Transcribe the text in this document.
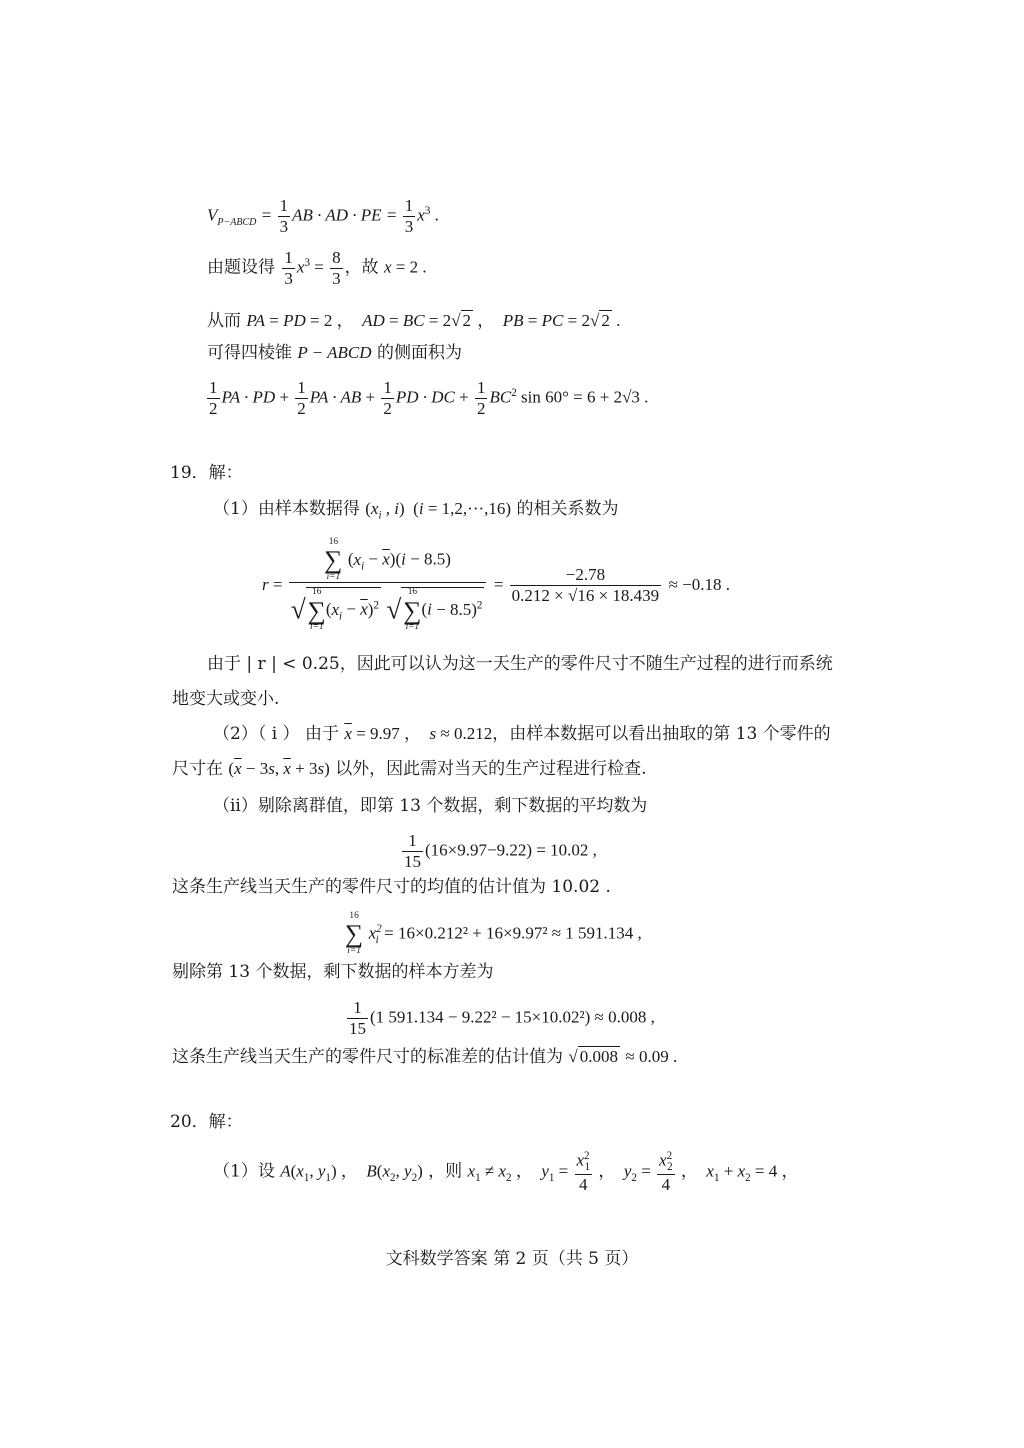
$V_{P-ABCD} = \frac{1}{3}$ AB · AD · PE = $\frac{1}{3} x^3$ .
由题设得 $\frac{1}{3} x^3 = \frac{8}{3}$ ，故 x = 2 .
从而 PA = PD = 2 ，  AD = BC = 2√ 2 ，  PB = PC = 2√ 2 .
可得四棱锥 P − ABCD 的侧面积为
$\frac{1}{2}$ PA · PD + $\frac{1}{2}$ PA · AB + $\frac{1}{2}$ PD · DC + $\frac{1}{2} BC^2$ sin 60° = 6 + 2√3 .
19．解：
（1）由样本数据得 ($x_i$ , i)  (i = 1,2,···,16) 的相关系数为
r = 16
∑
i=1
$(x_i - \overline{x})(i - 8.5)$
√
16
∑
i=1
$(x_i - \overline{x})^2$ √
16
∑
i=1
$(i - 8.5)^2 = \frac{-2.78}{0.212 \times √16 \times 18.439} \approx -0.18$ .
由于 | r | < 0.25，因此可以认为这一天生产的零件尺寸不随生产过程的进行而系统
地变大或变小.
（2）（ i ） 由于 $\overline{x} = 9.97$ ，  s ≈ 0.212，由样本数据可以看出抽取的第 13 个零件的
尺寸在 ($\overline{x} - 3s$, $\overline{x} + 3s$) 以外，因此需对当天的生产过程进行检查.
（ii）剔除离群值，即第 13 个数据，剩下数据的平均数为
$\frac{1}{15} (16\times 9.97-9.22) = 10.02$ ,
这条生产线当天生产的零件尺寸的均值的估计值为 10.02 .
16
∑
i=1
$x^2_i = 16\times 0.212^2 + 16\times 9.97^2 \approx 1$ 591.134 ,
剔除第 13 个数据，剩下数据的样本方差为
$\frac{1}{15} (1$ 591.134 − 9.22² − 15×10.02²) ≈ 0.008 ,
这条生产线当天生产的零件尺寸的标准差的估计值为 √ 0.008 ≈ 0.09 .
20．解：
（1）设 $A(x_1$, $y_1$) ，  $B(x_2$, $y_2$) ，则 $x_1 \ne x_2$ ，  $y_1 = \frac{x^2_1}{4}$ ，  $y_2 = \frac{x^2_2}{4}$ ，  $x_1 + x_2 = 4$ ，
文科数学答案 第 2 页（共 5 页）
